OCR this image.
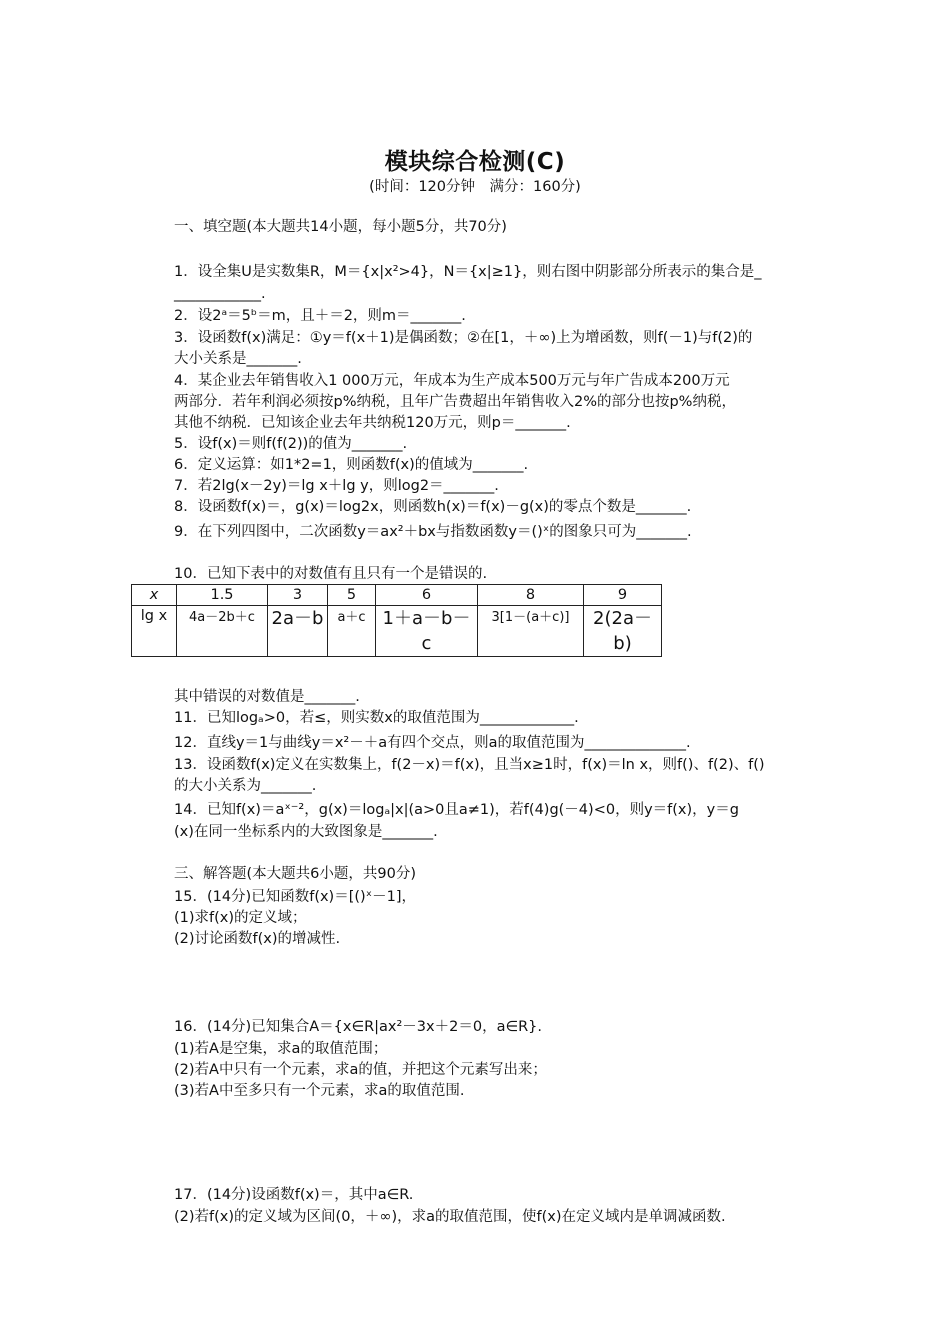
模块综合检测(C)
(时间：120分钟　满分：160分)
一、填空题(本大题共14小题，每小题5分，共70分)
1．设全集U是实数集R，M＝{x|x²>4}，N＝{x|≥1}，则右图中阴影部分所表示的集合是_
____________.
2．设2ᵃ＝5ᵇ＝m，且＋＝2，则m＝_______.
3．设函数f(x)满足：①y＝f(x＋1)是偶函数；②在[1，＋∞)上为增函数，则f(－1)与f(2)的
大小关系是_______.
4．某企业去年销售收入1 000万元，年成本为生产成本500万元与年广告成本200万元
两部分．若年利润必须按p%纳税，且年广告费超出年销售收入2%的部分也按p%纳税，
其他不纳税．已知该企业去年共纳税120万元，则p＝_______.
5．设f(x)＝则f(f(2))的值为_______.
6．定义运算：如1*2=1，则函数f(x)的值域为_______.
7．若2lg(x－2y)＝lg x＋lg y，则log2＝_______.
8．设函数f(x)＝，g(x)＝log2x，则函数h(x)＝f(x)－g(x)的零点个数是_______.
9．在下列四图中，二次函数y＝ax²＋bx与指数函数y＝()ˣ的图象只可为_______.
10．已知下表中的对数值有且只有一个是错误的.
x	1.5	3	5	6	8	9
lg x	4a－2b＋c	2a－b	a＋c	1＋a－b－c	3[1－(a＋c)]	2(2a－b)
其中错误的对数值是_______.
11．已知logₐ>0，若≤，则实数x的取值范围为_____________.
12．直线y＝1与曲线y＝x²－＋a有四个交点，则a的取值范围为______________.
13．设函数f(x)定义在实数集上，f(2－x)＝f(x)，且当x≥1时，f(x)＝ln x，则f()、f(2)、f()
的大小关系为_______.
14．已知f(x)＝aˣ⁻²，g(x)＝logₐ|x|(a>0且a≠1)，若f(4)g(－4)<0，则y＝f(x)，y＝g
(x)在同一坐标系内的大致图象是_______.
三、解答题(本大题共6小题，共90分)
15．(14分)已知函数f(x)＝[()ˣ－1]，
(1)求f(x)的定义域；
(2)讨论函数f(x)的增减性.
16．(14分)已知集合A＝{x∈R|ax²－3x＋2＝0，a∈R}.
(1)若A是空集，求a的取值范围；
(2)若A中只有一个元素，求a的值，并把这个元素写出来；
(3)若A中至多只有一个元素，求a的取值范围.
17．(14分)设函数f(x)＝，其中a∈R.
(2)若f(x)的定义域为区间(0，＋∞)，求a的取值范围，使f(x)在定义域内是单调减函数.
